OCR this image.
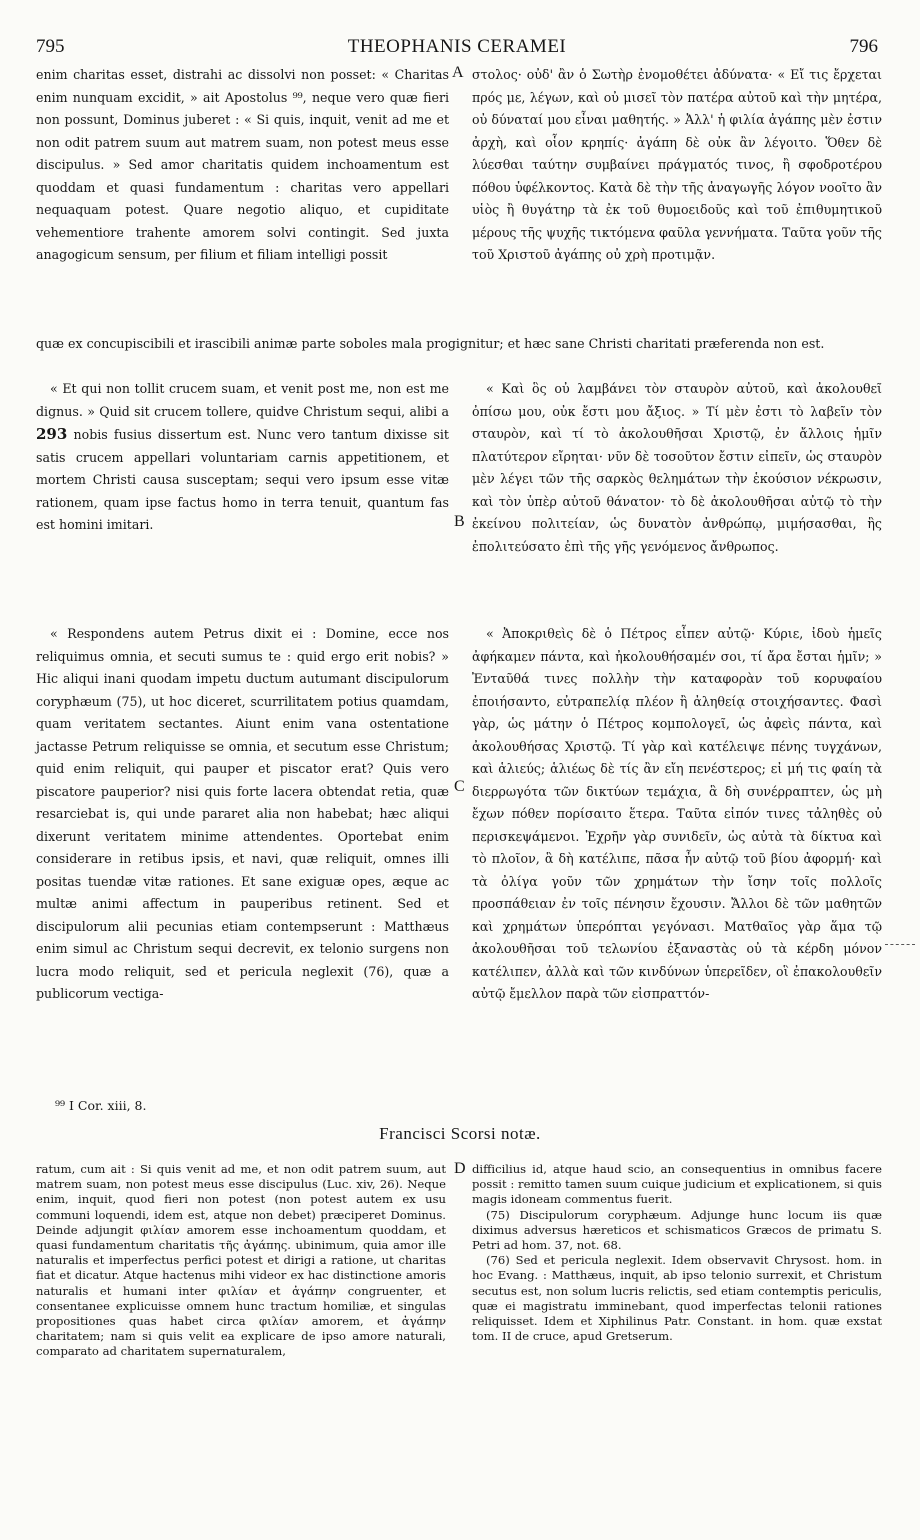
795	THEOPHANIS CERAMEI	796
A
B
C
D

enim charitas esset, distrahi ac dissolvi non posset: « Charitas enim nunquam excidit, » ait Apostolus ⁹⁹, neque vero quæ fieri non possunt, Dominus juberet : « Si quis, inquit, venit ad me et non odit patrem suum aut matrem suam, non potest meus esse discipulus. » Sed amor charitatis quidem inchoamentum est quoddam et quasi fundamentum : charitas vero appellari nequaquam potest. Quare negotio aliquo, et cupiditate vehementiore trahente amorem solvi contingit. Sed juxta anagogicum sensum, per filium et filiam intelligi possit

στολος· οὐδ' ἂν ὁ Σωτὴρ ἐνομοθέτει ἀδύνατα· « Εἴ τις ἔρχεται πρός με, λέγων, καὶ οὐ μισεῖ τὸν πατέρα αὐτοῦ καὶ τὴν μητέρα, οὐ δύναταί μου εἶναι μαθητής. » Ἀλλ' ἡ φιλία ἀγάπης μὲν ἐστιν ἀρχὴ, καὶ οἷον κρηπίς· ἀγάπη δὲ οὐκ ἂν λέγοιτο. Ὅθεν δὲ λύεσθαι ταύτην συμβαίνει πράγματός τινος, ἢ σφοδροτέρου πόθου ὑφέλκοντος. Κατὰ δὲ τὴν τῆς ἀναγωγῆς λόγον νοοῖτο ἂν υἱὸς ἢ θυγάτηρ τὰ ἐκ τοῦ θυμοειδοῦς καὶ τοῦ ἐπιθυμητικοῦ μέρους τῆς ψυχῆς τικτόμενα φαῦλα γεννήματα. Ταῦτα γοῦν τῆς τοῦ Χριστοῦ ἀγάπης οὐ χρὴ προτιμᾷν.

quæ ex concupiscibili et irascibili animæ parte soboles mala progignitur; et hæc sane Christi charitati præferenda non est.

« Et qui non tollit crucem suam, et venit post me, non est me dignus. » Quid sit crucem tollere, quidve Christum sequi, alibi a 293 nobis fusius dissertum est. Nunc vero tantum dixisse sit satis crucem appellari voluntariam carnis appetitionem, et mortem Christi causa susceptam; sequi vero ipsum esse vitæ rationem, quam ipse factus homo in terra tenuit, quantum fas est homini imitari.

« Καὶ ὃς οὐ λαμβάνει τὸν σταυρὸν αὐτοῦ, καὶ ἀκολουθεῖ ὀπίσω μου, οὐκ ἔστι μου ἄξιος. » Τί μὲν ἐστι τὸ λαβεῖν τὸν σταυρὸν, καὶ τί τὸ ἀκολουθῆσαι Χριστῷ, ἐν ἄλλοις ἡμῖν πλατύτερον εἴρηται· νῦν δὲ τοσοῦτον ἔστιν εἰπεῖν, ὡς σταυρὸν μὲν λέγει τῶν τῆς σαρκὸς θελημάτων τὴν ἑκούσιον νέκρωσιν, καὶ τὸν ὑπὲρ αὐτοῦ θάνατον· τὸ δὲ ἀκολουθῆσαι αὐτῷ τὸ τὴν ἐκείνου πολιτείαν, ὡς δυνατὸν ἀνθρώπῳ, μιμήσασθαι, ἣς ἐπολιτεύσατο ἐπὶ τῆς γῆς γενόμενος ἄνθρωπος.

« Respondens autem Petrus dixit ei : Domine, ecce nos reliquimus omnia, et secuti sumus te : quid ergo erit nobis? » Hic aliqui inani quodam impetu ductum autumant discipulorum coryphæum (75), ut hoc diceret, scurrilitatem potius quamdam, quam veritatem sectantes. Aiunt enim vana ostentatione jactasse Petrum reliquisse se omnia, et secutum esse Christum; quid enim reliquit, qui pauper et piscator erat? Quis vero piscatore pauperior? nisi quis forte lacera obtendat retia, quæ resarciebat is, qui unde pararet alia non habebat; hæc aliqui dixerunt veritatem minime attendentes. Oportebat enim considerare in retibus ipsis, et navi, quæ reliquit, omnes illi positas tuendæ vitæ rationes. Et sane exiguæ opes, æque ac multæ animi affectum in pauperibus retinent. Sed et discipulorum alii pecunias etiam contempserunt : Matthæus enim simul ac Christum sequi decrevit, ex telonio surgens non lucra modo reliquit, sed et pericula neglexit (76), quæ a publicorum vectiga-

« Ἀποκριθεὶς δὲ ὁ Πέτρος εἶπεν αὐτῷ· Κύριε, ἰδοὺ ἡμεῖς ἀφήκαμεν πάντα, καὶ ἠκολουθήσαμέν σοι, τί ἄρα ἔσται ἡμῖν; » Ἐνταῦθά τινες πολλὴν τὴν καταφορὰν τοῦ κορυφαίου ἐποιήσαντο, εὐτραπελίᾳ πλέον ἢ ἀληθείᾳ στοιχήσαντες. Φασὶ γὰρ, ὡς μάτην ὁ Πέτρος κομπολογεῖ, ὡς ἀφεὶς πάντα, καὶ ἀκολουθήσας Χριστῷ. Τί γὰρ καὶ κατέλειψε πένης τυγχάνων, καὶ ἁλιεύς; ἁλιέως δὲ τίς ἂν εἴη πενέστερος; εἰ μή τις φαίη τὰ διερρωγότα τῶν δικτύων τεμάχια, ἃ δὴ συνέρραπτεν, ὡς μὴ ἔχων πόθεν πορίσαιτο ἕτερα. Ταῦτα εἰπόν τινες τἀληθὲς οὐ περισκεψάμενοι. Ἐχρῆν γὰρ συνιδεῖν, ὡς αὐτὰ τὰ δίκτυα καὶ τὸ πλοῖον, ἃ δὴ κατέλιπε, πᾶσα ἦν αὐτῷ τοῦ βίου ἀφορμή· καὶ τὰ ὀλίγα γοῦν τῶν χρημάτων τὴν ἴσην τοῖς πολλοῖς προσπάθειαν ἐν τοῖς πένησιν ἔχουσιν. Ἄλλοι δὲ τῶν μαθητῶν καὶ χρημάτων ὑπερόπται γεγόνασι. Ματθαῖος γὰρ ἅμα τῷ ἀκολουθῆσαι τοῦ τελωνίου ἐξαναστὰς οὐ τὰ κέρδη μόνον κατέλιπεν, ἀλλὰ καὶ τῶν κινδύνων ὑπερεῖδεν, οἳ ἐπακολουθεῖν αὐτῷ ἔμελλον παρὰ τῶν εἰσπραττόν-

⁹⁹ I Cor. xiii, 8.
Francisci Scorsi notæ.

ratum, cum ait : Si quis venit ad me, et non odit patrem suum, aut matrem suam, non potest meus esse discipulus (Luc. xiv, 26). Neque enim, inquit, quod fieri non potest (non potest autem ex usu communi loquendi, idem est, atque non debet) præciperet Dominus. Deinde adjungit φιλίαν amorem esse inchoamentum quoddam, et quasi fundamentum charitatis τῆς ἀγάπης. ubinimum, quia amor ille naturalis et imperfectus perfici potest et dirigi a ratione, ut charitas fiat et dicatur. Atque hactenus mihi videor ex hac distinctione amoris naturalis et humani inter φιλίαν et ἀγάπην congruenter, et consentanee explicuisse omnem hunc tractum homiliæ, et singulas propositiones quas habet circa φιλίαν amorem, et ἀγάπην charitatem; nam si quis velit ea explicare de ipso amore naturali, comparato ad charitatem supernaturalem,

difficilius id, atque haud scio, an consequentius in omnibus facere possit : remitto tamen suum cuique judicium et explicationem, si quis magis idoneam commentus fuerit.

(75) Discipulorum coryphæum. Adjunge hunc locum iis quæ diximus adversus hæreticos et schismaticos Græcos de primatu S. Petri ad hom. 37, not. 68.

(76) Sed et pericula neglexit. Idem observavit Chrysost. hom. in hoc Evang. : Matthæus, inquit, ab ipso telonio surrexit, et Christum secutus est, non solum lucris relictis, sed etiam contemptis periculis, quæ ei magistratu imminebant, quod imperfectas telonii rationes reliquisset. Idem et Xiphilinus Patr. Constant. in hom. quæ exstat tom. II de cruce, apud Gretserum.
